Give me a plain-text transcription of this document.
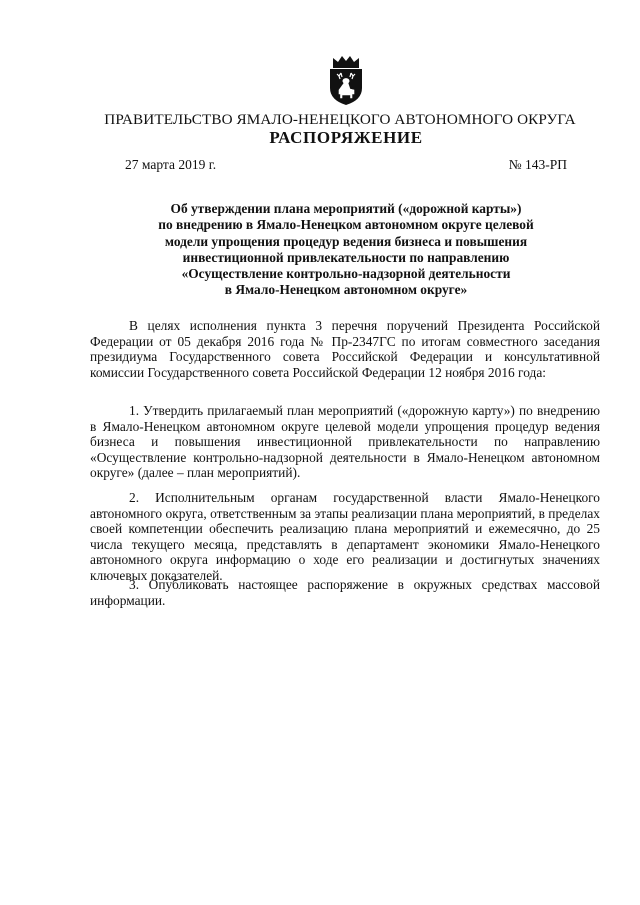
ПРАВИТЕЛЬСТВО ЯМАЛО-НЕНЕЦКОГО АВТОНОМНОГО ОКРУГА
РАСПОРЯЖЕНИЕ
27 марта 2019 г.	№ 143-РП
Об утверждении плана мероприятий («дорожной карты»)
по внедрению в Ямало-Ненецком автономном округе целевой
модели упрощения процедур ведения бизнеса и повышения
инвестиционной привлекательности по направлению
«Осуществление контрольно-надзорной деятельности
в Ямало-Ненецком автономном округе»

В целях исполнения пункта 3 перечня поручений Президента Российской Федерации от 05 декабря 2016 года № Пр-2347ГС по итогам совместного заседания президиума Государственного совета Российской Федерации и консультативной комиссии Государственного совета Российской Федерации 12 ноября 2016 года:

1. Утвердить прилагаемый план мероприятий («дорожную карту») по внедрению в Ямало-Ненецком автономном округе целевой модели упрощения процедур ведения бизнеса и повышения инвестиционной привлекательности по направлению «Осуществление контрольно-надзорной деятельности в Ямало-Ненецком автономном округе» (далее – план мероприятий).

2. Исполнительным органам государственной власти Ямало-Ненецкого автономного округа, ответственным за этапы реализации плана мероприятий, в пределах своей компетенции обеспечить реализацию плана мероприятий и ежемесячно, до 25 числа текущего месяца, представлять в департамент экономики Ямало-Ненецкого автономного округа информацию о ходе его реализации и достигнутых значениях ключевых показателей.

3. Опубликовать настоящее распоряжение в окружных средствах массовой информации.
